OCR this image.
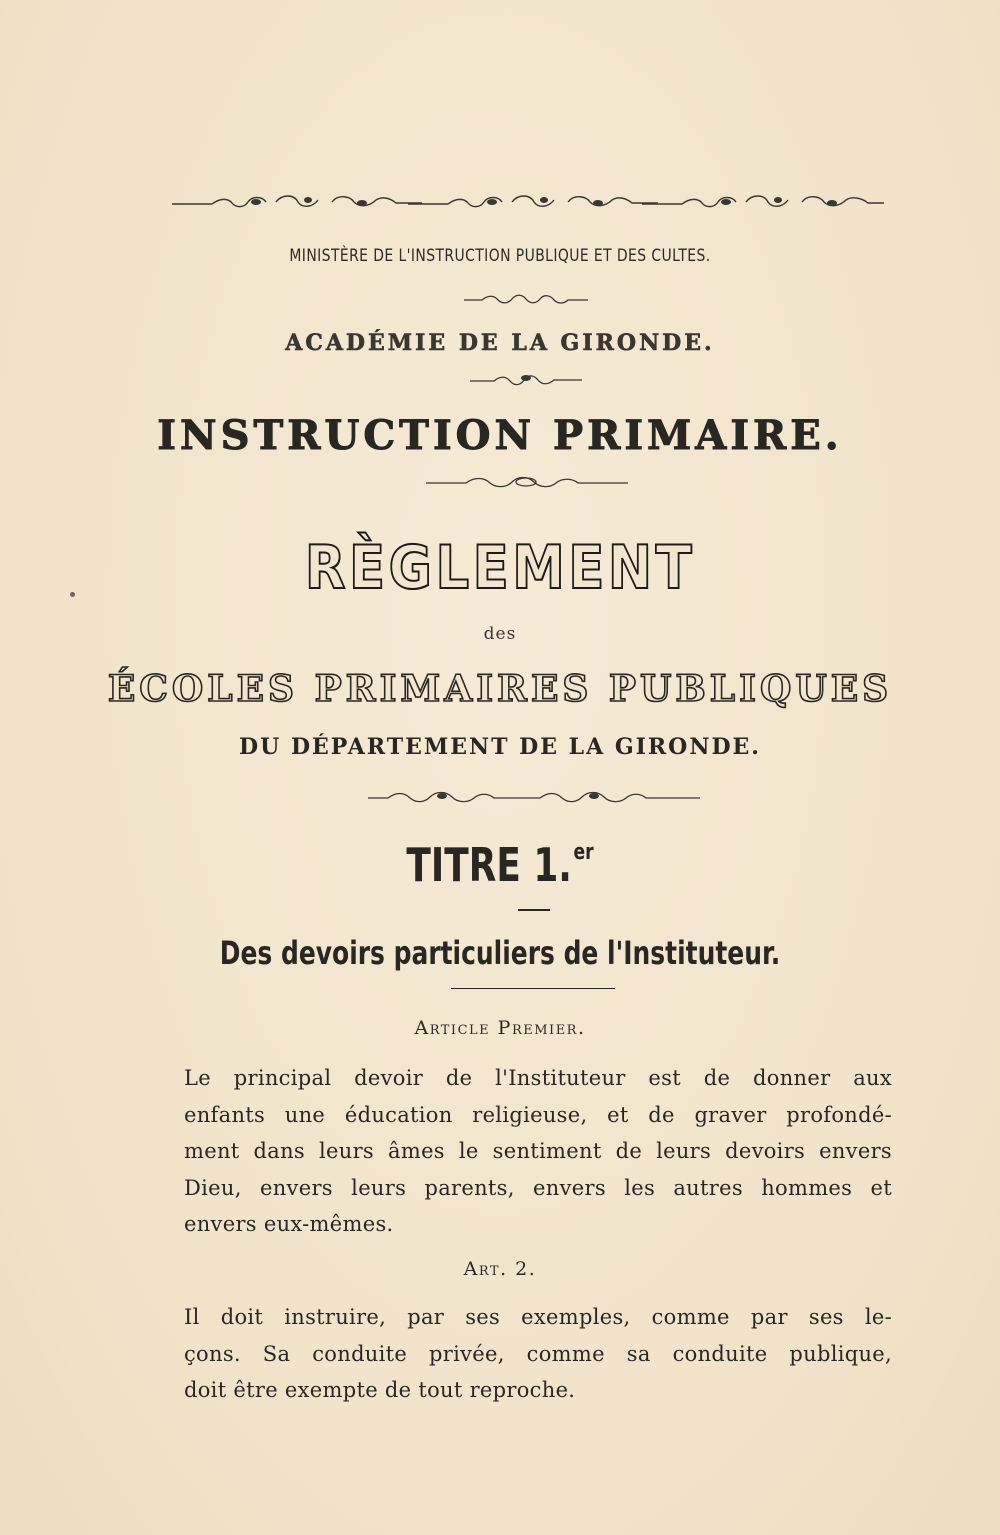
MINISTÈRE DE L'INSTRUCTION PUBLIQUE ET DES CULTES.
ACADÉMIE DE LA GIRONDE.
INSTRUCTION PRIMAIRE.
RÈGLEMENT
des
ÉCOLES PRIMAIRES PUBLIQUES
DU DÉPARTEMENT DE LA GIRONDE.
TITRE 1.$^{er}$
Des devoirs particuliers de l'Instituteur.
Article Premier.
Le principal devoir de l'Instituteur est de donner aux
enfants une éducation religieuse, et de graver profondé-
ment dans leurs âmes le sentiment de leurs devoirs envers
Dieu, envers leurs parents, envers les autres hommes et
envers eux-mêmes.
Art. 2.
Il doit instruire, par ses exemples, comme par ses le-
çons. Sa conduite privée, comme sa conduite publique,
doit être exempte de tout reproche.
